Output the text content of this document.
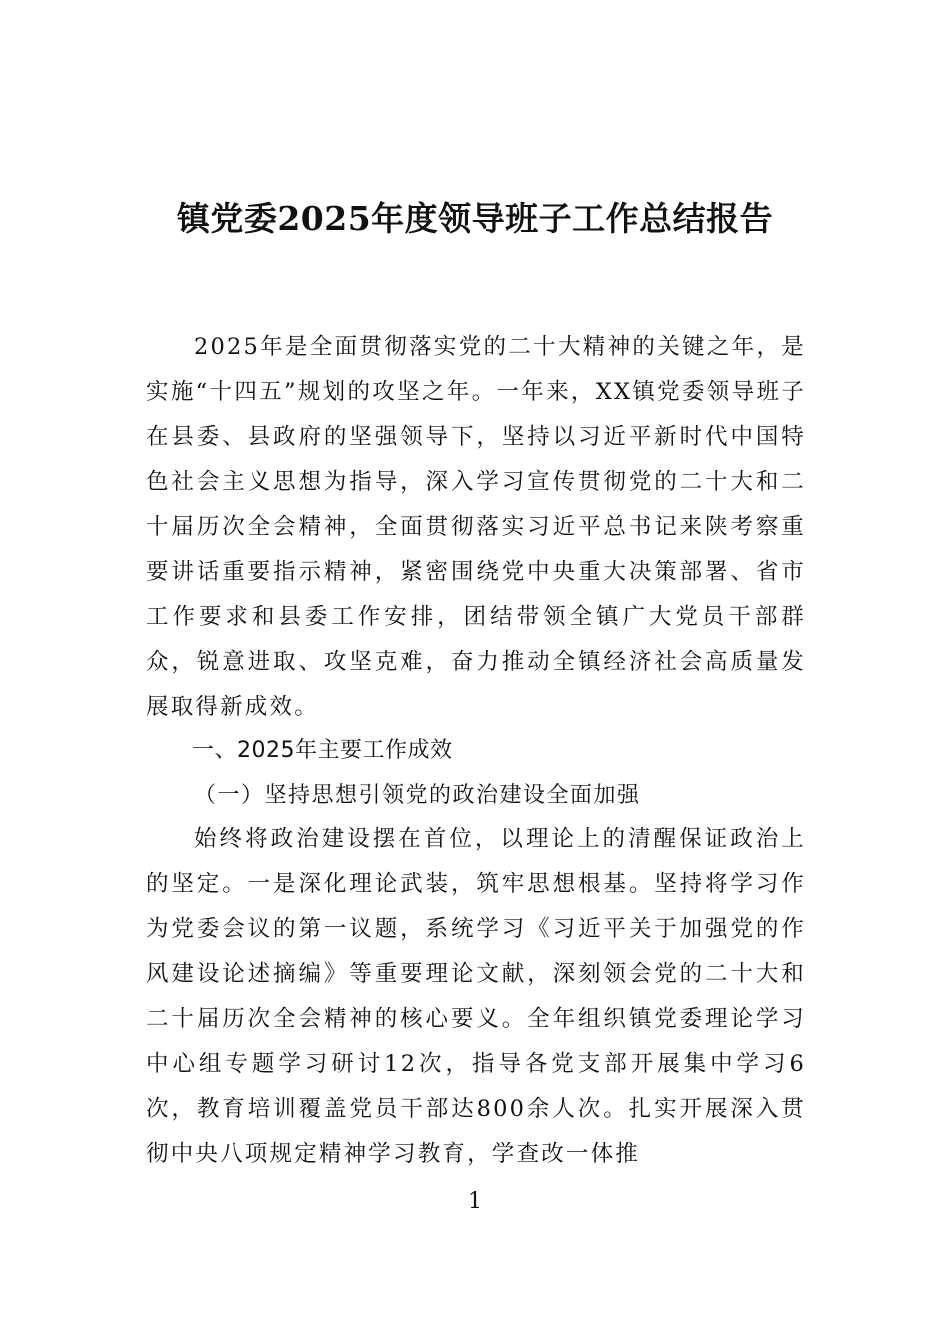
镇党委2025年度领导班子工作总结报告

2025年是全面贯彻落实党的二十大精神的关键之年，是实施“十四五”规划的攻坚之年。一年来，XX镇党委领导班子在县委、县政府的坚强领导下，坚持以习近平新时代中国特色社会主义思想为指导，深入学习宣传贯彻党的二十大和二十届历次全会精神，全面贯彻落实习近平总书记来陕考察重要讲话重要指示精神，紧密围绕党中央重大决策部署、省市工作要求和县委工作安排，团结带领全镇广大党员干部群众，锐意进取、攻坚克难，奋力推动全镇经济社会高质量发展取得新成效。

一、2025年主要工作成效
（一）坚持思想引领党的政治建设全面加强

始终将政治建设摆在首位，以理论上的清醒保证政治上的坚定。一是深化理论武装，筑牢思想根基。坚持将学习作为党委会议的第一议题，系统学习《习近平关于加强党的作风建设论述摘编》等重要理论文献，深刻领会党的二十大和二十届历次全会精神的核心要义。全年组织镇党委理论学习中心组专题学习研讨12次，指导各党支部开展集中学习6次，教育培训覆盖党员干部达800余人次。扎实开展深入贯彻中央八项规定精神学习教育，学查改一体推

1
